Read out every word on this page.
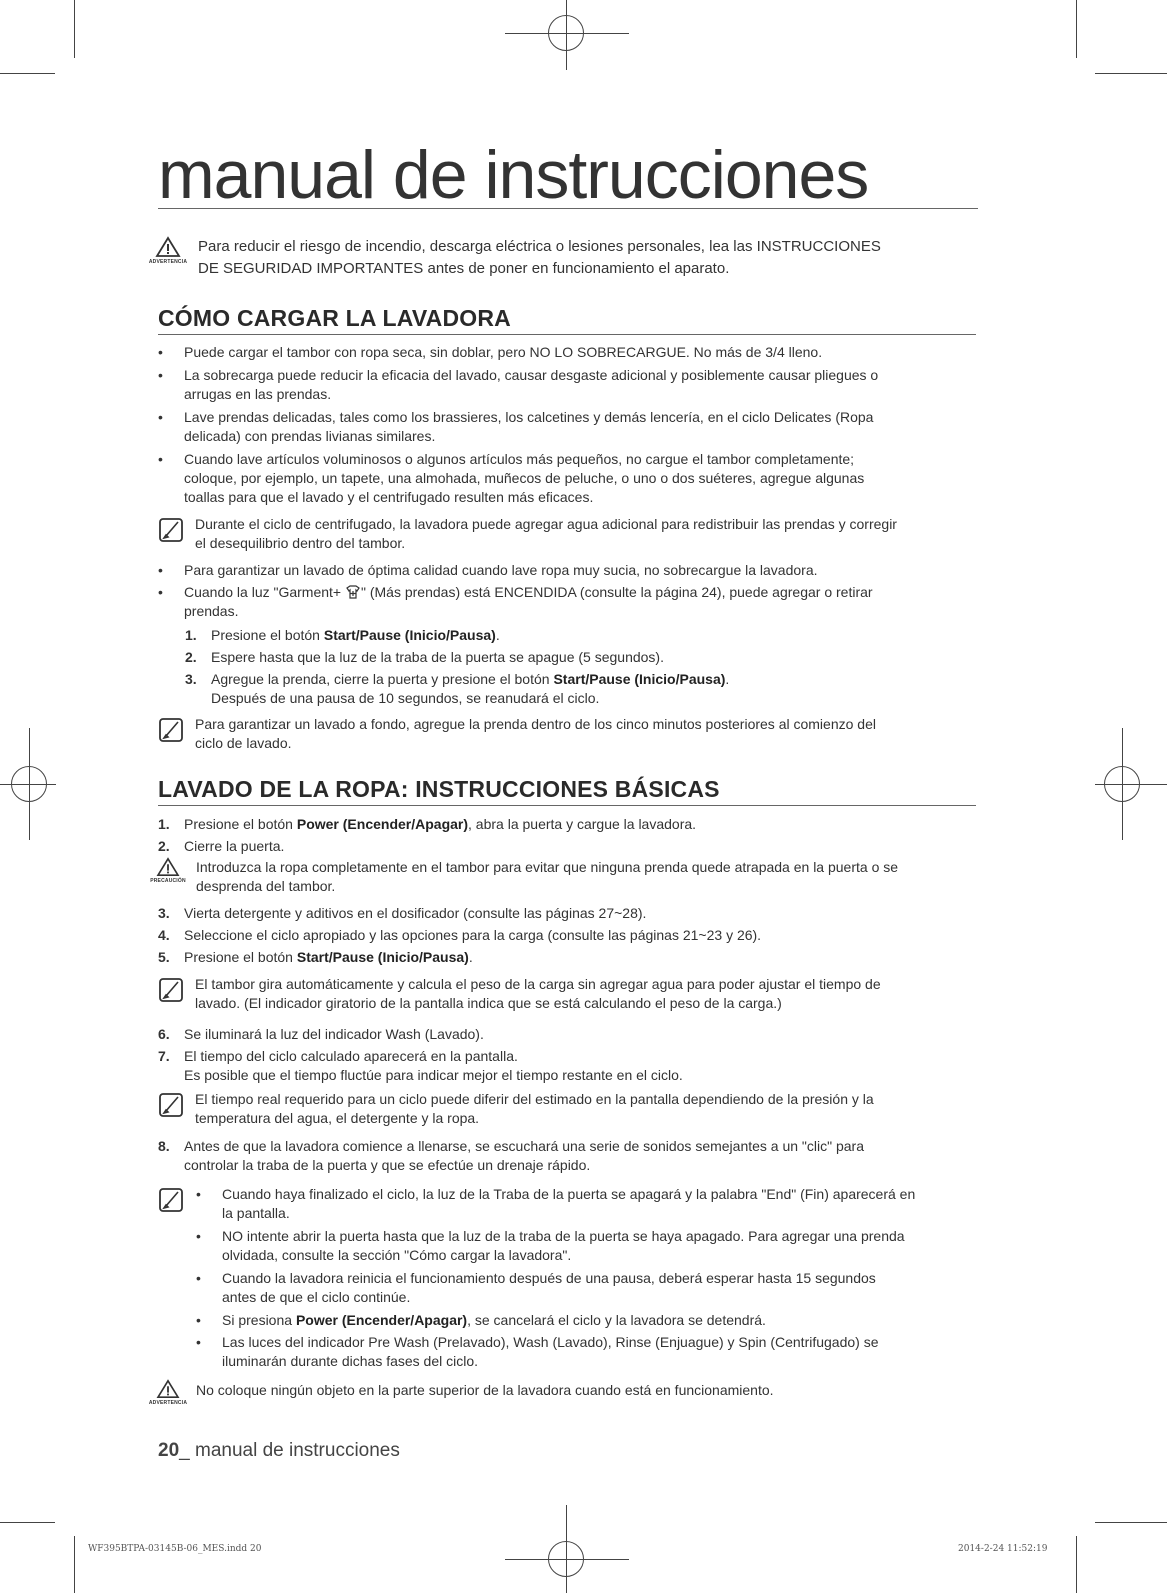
manual de instrucciones
ADVERTENCIA
Para reducir el riesgo de incendio, descarga eléctrica o lesiones personales, lea las INSTRUCCIONES
DE SEGURIDAD IMPORTANTES antes de poner en funcionamiento el aparato.
CÓMO CARGAR LA LAVADORA
• Puede cargar el tambor con ropa seca, sin doblar, pero NO LO SOBRECARGUE. No más de 3/4 lleno.
• La sobrecarga puede reducir la eficacia del lavado, causar desgaste adicional y posiblemente causar pliegues o
arrugas en las prendas.
• Lave prendas delicadas, tales como los brassieres, los calcetines y demás lencería, en el ciclo Delicates (Ropa
delicada) con prendas livianas similares.
• Cuando lave artículos voluminosos o algunos artículos más pequeños, no cargue el tambor completamente;
coloque, por ejemplo, un tapete, una almohada, muñecos de peluche, o uno o dos suéteres, agregue algunas
toallas para que el lavado y el centrifugado resulten más eficaces.
Durante el ciclo de centrifugado, la lavadora puede agregar agua adicional para redistribuir las prendas y corregir
el desequilibrio dentro del tambor.
• Para garantizar un lavado de óptima calidad cuando lave ropa muy sucia, no sobrecargue la lavadora.
• Cuando la luz "Garment+ " (Más prendas) está ENCENDIDA (consulte la página 24), puede agregar o retirar
prendas.
1. Presione el botón Start/Pause (Inicio/Pausa).
2. Espere hasta que la luz de la traba de la puerta se apague (5 segundos).
3. Agregue la prenda, cierre la puerta y presione el botón Start/Pause (Inicio/Pausa).
Después de una pausa de 10 segundos, se reanudará el ciclo.
Para garantizar un lavado a fondo, agregue la prenda dentro de los cinco minutos posteriores al comienzo del
ciclo de lavado.
LAVADO DE LA ROPA: INSTRUCCIONES BÁSICAS
1. Presione el botón Power (Encender/Apagar), abra la puerta y cargue la lavadora.
2. Cierre la puerta.
PRECAUCIÓN
Introduzca la ropa completamente en el tambor para evitar que ninguna prenda quede atrapada en la puerta o se
desprenda del tambor.
3. Vierta detergente y aditivos en el dosificador (consulte las páginas 27~28).
4. Seleccione el ciclo apropiado y las opciones para la carga (consulte las páginas 21~23 y 26).
5. Presione el botón Start/Pause (Inicio/Pausa).
El tambor gira automáticamente y calcula el peso de la carga sin agregar agua para poder ajustar el tiempo de
lavado. (El indicador giratorio de la pantalla indica que se está calculando el peso de la carga.)
6. Se iluminará la luz del indicador Wash (Lavado).
7. El tiempo del ciclo calculado aparecerá en la pantalla.
Es posible que el tiempo fluctúe para indicar mejor el tiempo restante en el ciclo.
El tiempo real requerido para un ciclo puede diferir del estimado en la pantalla dependiendo de la presión y la
temperatura del agua, el detergente y la ropa.
8. Antes de que la lavadora comience a llenarse, se escuchará una serie de sonidos semejantes a un "clic" para
controlar la traba de la puerta y que se efectúe un drenaje rápido.
• Cuando haya finalizado el ciclo, la luz de la Traba de la puerta se apagará y la palabra "End" (Fin) aparecerá en
la pantalla.
• NO intente abrir la puerta hasta que la luz de la traba de la puerta se haya apagado. Para agregar una prenda
olvidada, consulte la sección "Cómo cargar la lavadora".
• Cuando la lavadora reinicia el funcionamiento después de una pausa, deberá esperar hasta 15 segundos
antes de que el ciclo continúe.
• Si presiona Power (Encender/Apagar), se cancelará el ciclo y la lavadora se detendrá.
• Las luces del indicador Pre Wash (Prelavado), Wash (Lavado), Rinse (Enjuague) y Spin (Centrifugado) se
iluminarán durante dichas fases del ciclo.
ADVERTENCIA
No coloque ningún objeto en la parte superior de la lavadora cuando está en funcionamiento.
20_ manual de instrucciones
WF395BTPA-03145B-06_MES.indd 20	2014-2-24 11:52:19
